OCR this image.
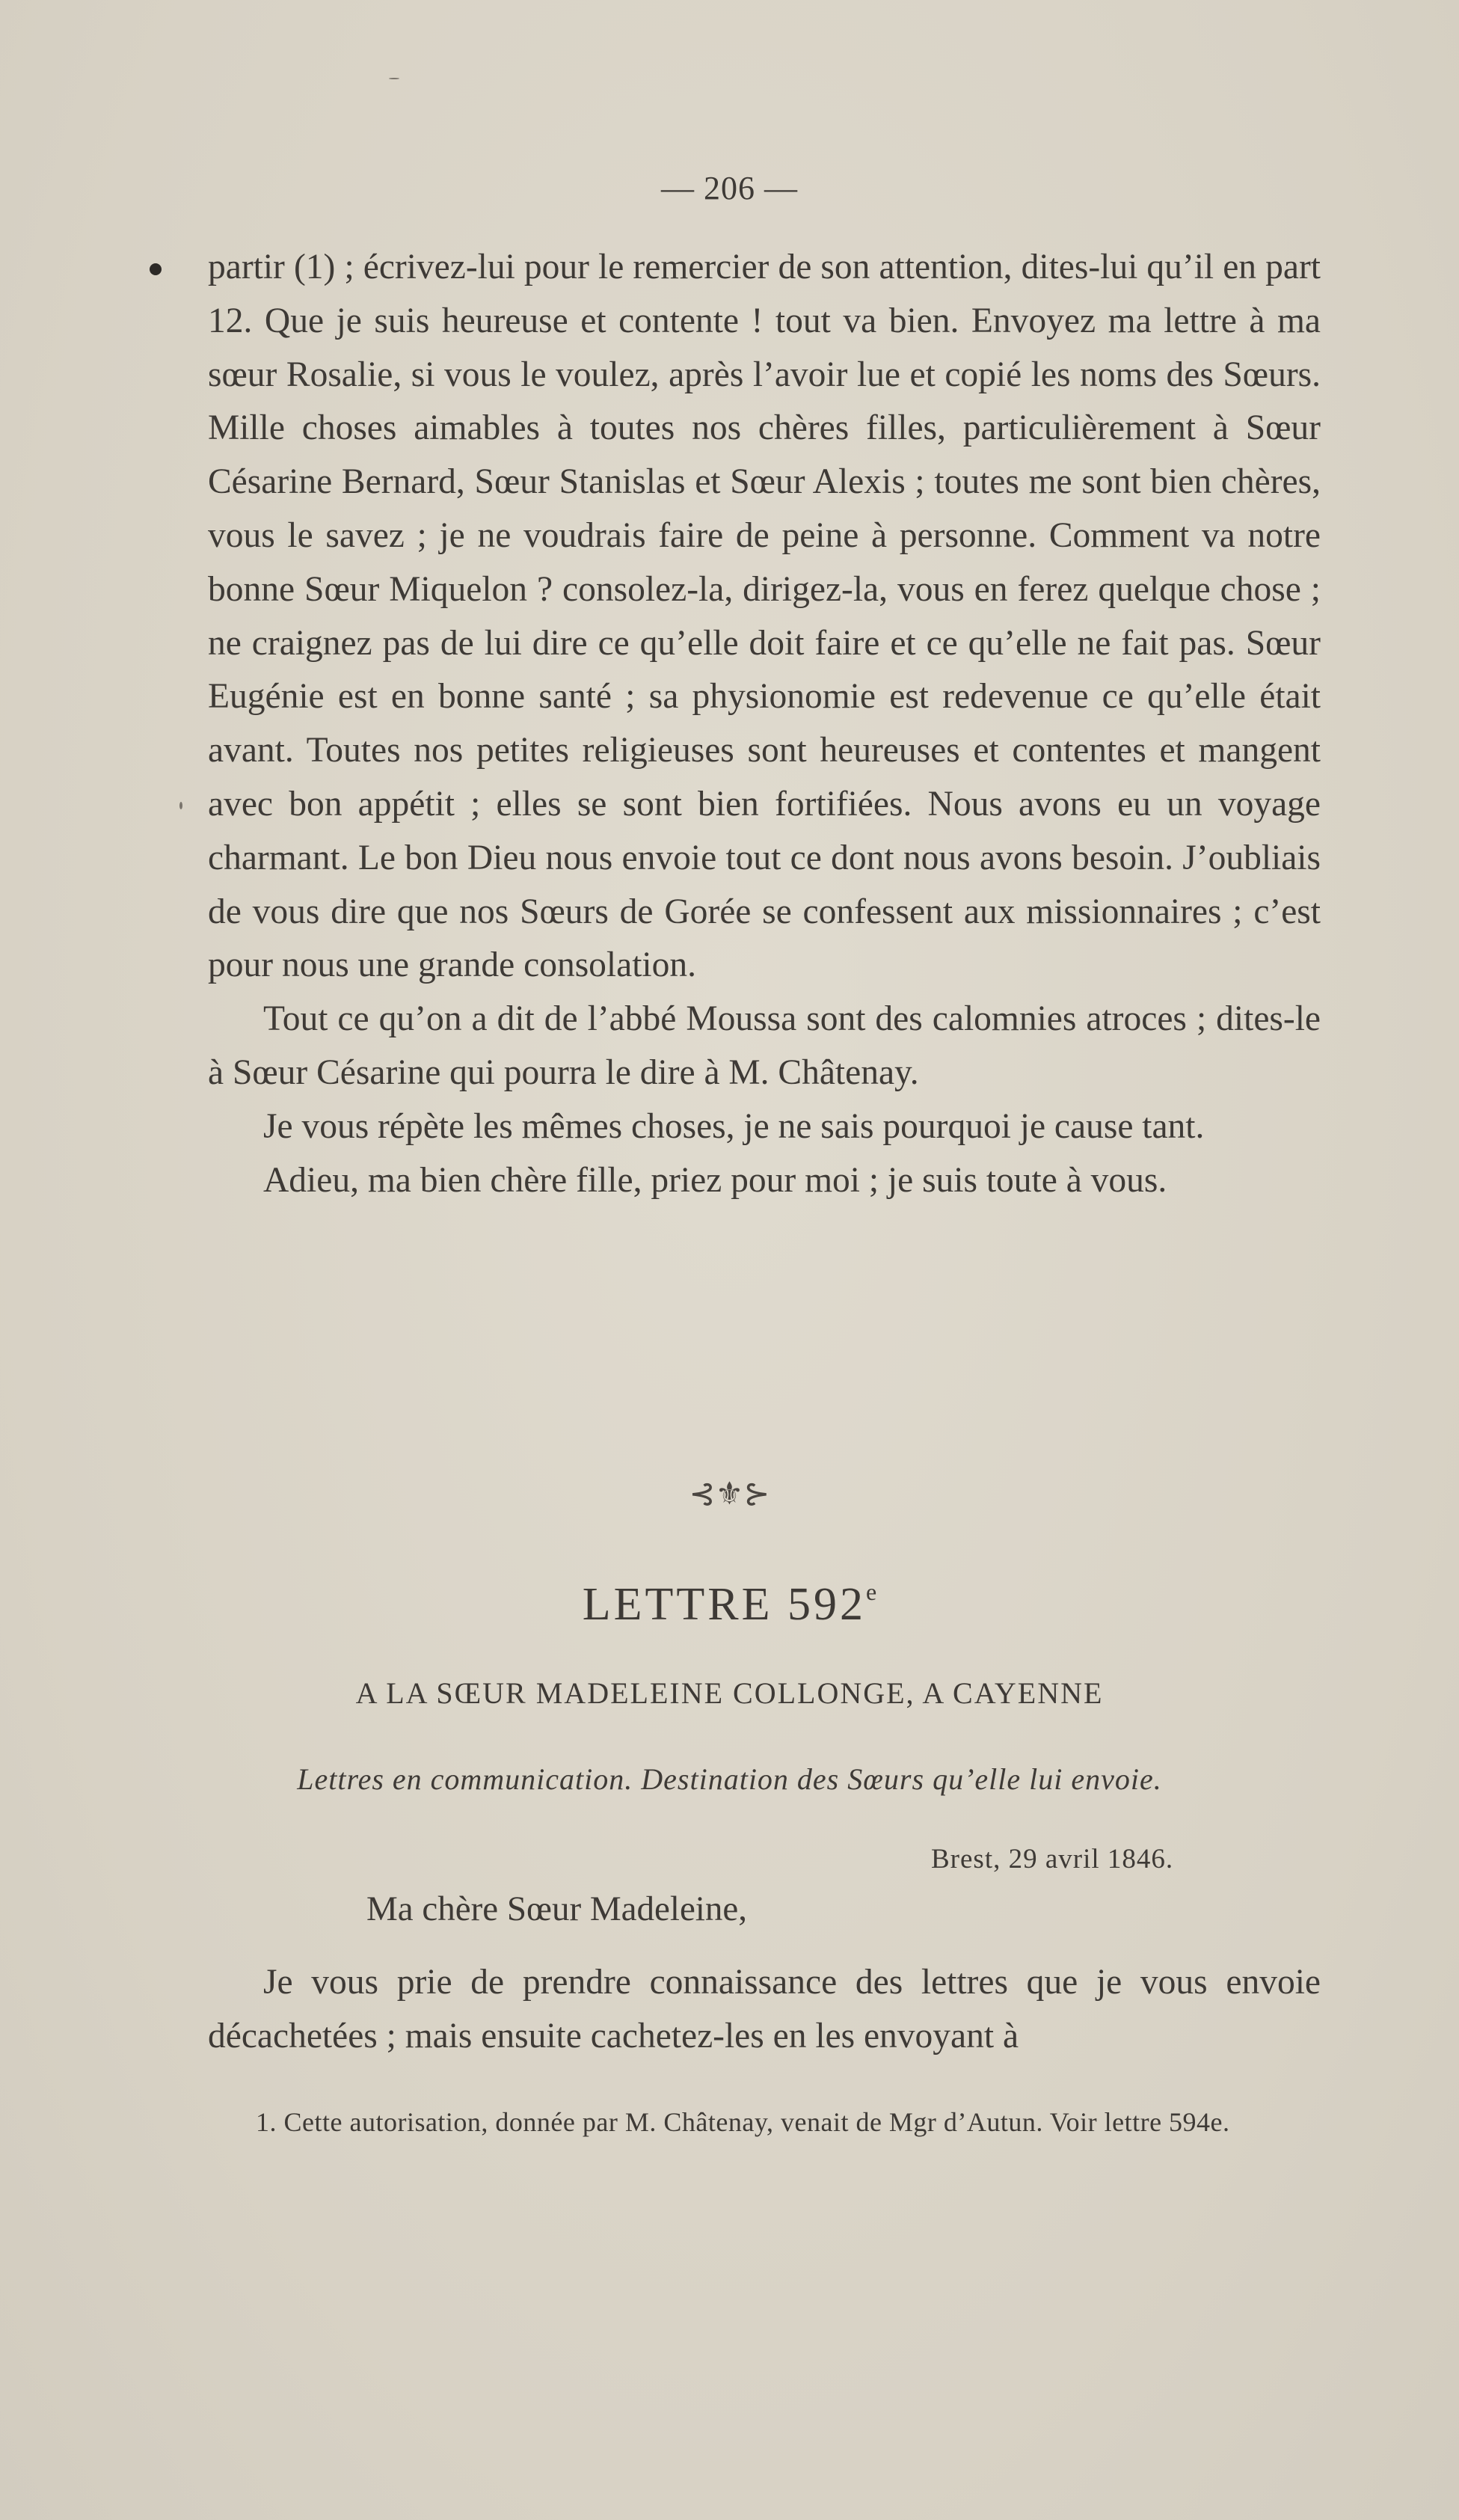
— 206 —

partir (1) ; écrivez-lui pour le remercier de son attention, dites-lui qu’il en part 12. Que je suis heureuse et contente ! tout va bien. Envoyez ma lettre à ma sœur Rosalie, si vous le voulez, après l’avoir lue et copié les noms des Sœurs. Mille choses aimables à toutes nos chères filles, particulièrement à Sœur Césarine Bernard, Sœur Stanislas et Sœur Alexis ; toutes me sont bien chères, vous le savez ; je ne voudrais faire de peine à personne. Comment va notre bonne Sœur Miquelon ? consolez-la, dirigez-la, vous en ferez quelque chose ; ne craignez pas de lui dire ce qu’elle doit faire et ce qu’elle ne fait pas. Sœur Eugénie est en bonne santé ; sa physionomie est redevenue ce qu’elle était avant. Toutes nos petites religieuses sont heureuses et contentes et mangent avec bon appétit ; elles se sont bien fortifiées. Nous avons eu un voyage charmant. Le bon Dieu nous envoie tout ce dont nous avons besoin. J’oubliais de vous dire que nos Sœurs de Gorée se confessent aux missionnaires ; c’est pour nous une grande consolation.

Tout ce qu’on a dit de l’abbé Moussa sont des calomnies atroces ; dites-le à Sœur Césarine qui pourra le dire à M. Châtenay.

Je vous répète les mêmes choses, je ne sais pourquoi je cause tant.

Adieu, ma bien chère fille, priez pour moi ; je suis toute à vous.

⊰⚜⊱
LETTRE 592e
A LA SŒUR MADELEINE COLLONGE, A CAYENNE
Lettres en communication. Destination des Sœurs qu’elle lui envoie.
Brest, 29 avril 1846.
Ma chère Sœur Madeleine,

Je vous prie de prendre connaissance des lettres que je vous envoie décachetées ; mais ensuite cachetez-les en les envoyant à

1. Cette autorisation, donnée par M. Châtenay, venait de Mgr d’Autun. Voir lettre 594e.
